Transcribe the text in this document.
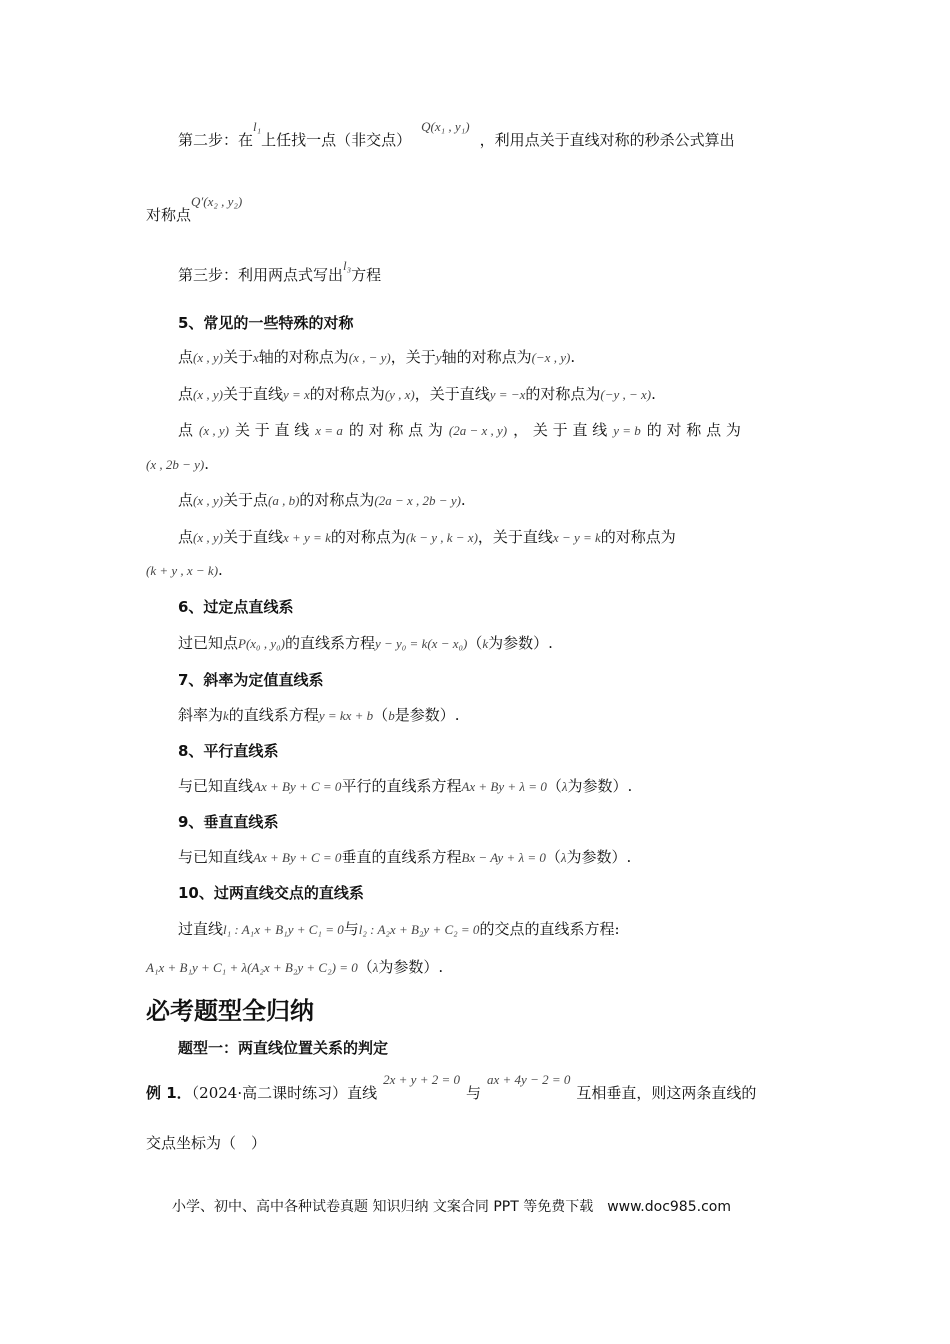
第二步：在l₁上任找一点（非交点）Q(x₁ , y₁)，利用点关于直线对称的秒杀公式算出
对称点Q′(x₂ , y₂)
第三步：利用两点式写出l₃方程
5、常见的一些特殊的对称
点(x , y)关于x轴的对称点为(x , − y)，关于y轴的对称点为(−x , y).
点(x , y)关于直线y = x的对称点为(y , x)，关于直线y = −x的对称点为(−y , − x).
点 (x , y) 关 于 直 线 x = a 的 对 称 点 为 (2a − x , y) ， 关 于 直 线 y = b 的 对 称 点 为
(x , 2b − y).
点(x , y)关于点(a , b)的对称点为(2a − x , 2b − y).
点(x , y)关于直线x + y = k的对称点为(k − y , k − x)，关于直线x − y = k的对称点为
(k + y , x − k).
6、过定点直线系
过已知点P(x₀ , y₀)的直线系方程y − y₀ = k(x − x₀)（k为参数）.
7、斜率为定值直线系
斜率为k的直线系方程y = kx + b（b是参数）.
8、平行直线系
与已知直线Ax + By + C = 0平行的直线系方程Ax + By + λ = 0（λ为参数）.
9、垂直直线系
与已知直线Ax + By + C = 0垂直的直线系方程Bx − Ay + λ = 0（λ为参数）.
10、过两直线交点的直线系
过直线l₁ : A₁x + B₁y + C₁ = 0与l₂ : A₂x + B₂y + C₂ = 0的交点的直线系方程:
A₁x + B₁y + C₁ + λ(A₂x + B₂y + C₂) = 0（λ为参数）.
必考题型全归纳
题型一：两直线位置关系的判定
例 1．（2024·高二课时练习）直线2x + y + 2 = 0与ax + 4y − 2 = 0互相垂直，则这两条直线的
交点坐标为（　）
小学、初中、高中各种试卷真题 知识归纳 文案合同 PPT 等免费下载　www.doc985.com
